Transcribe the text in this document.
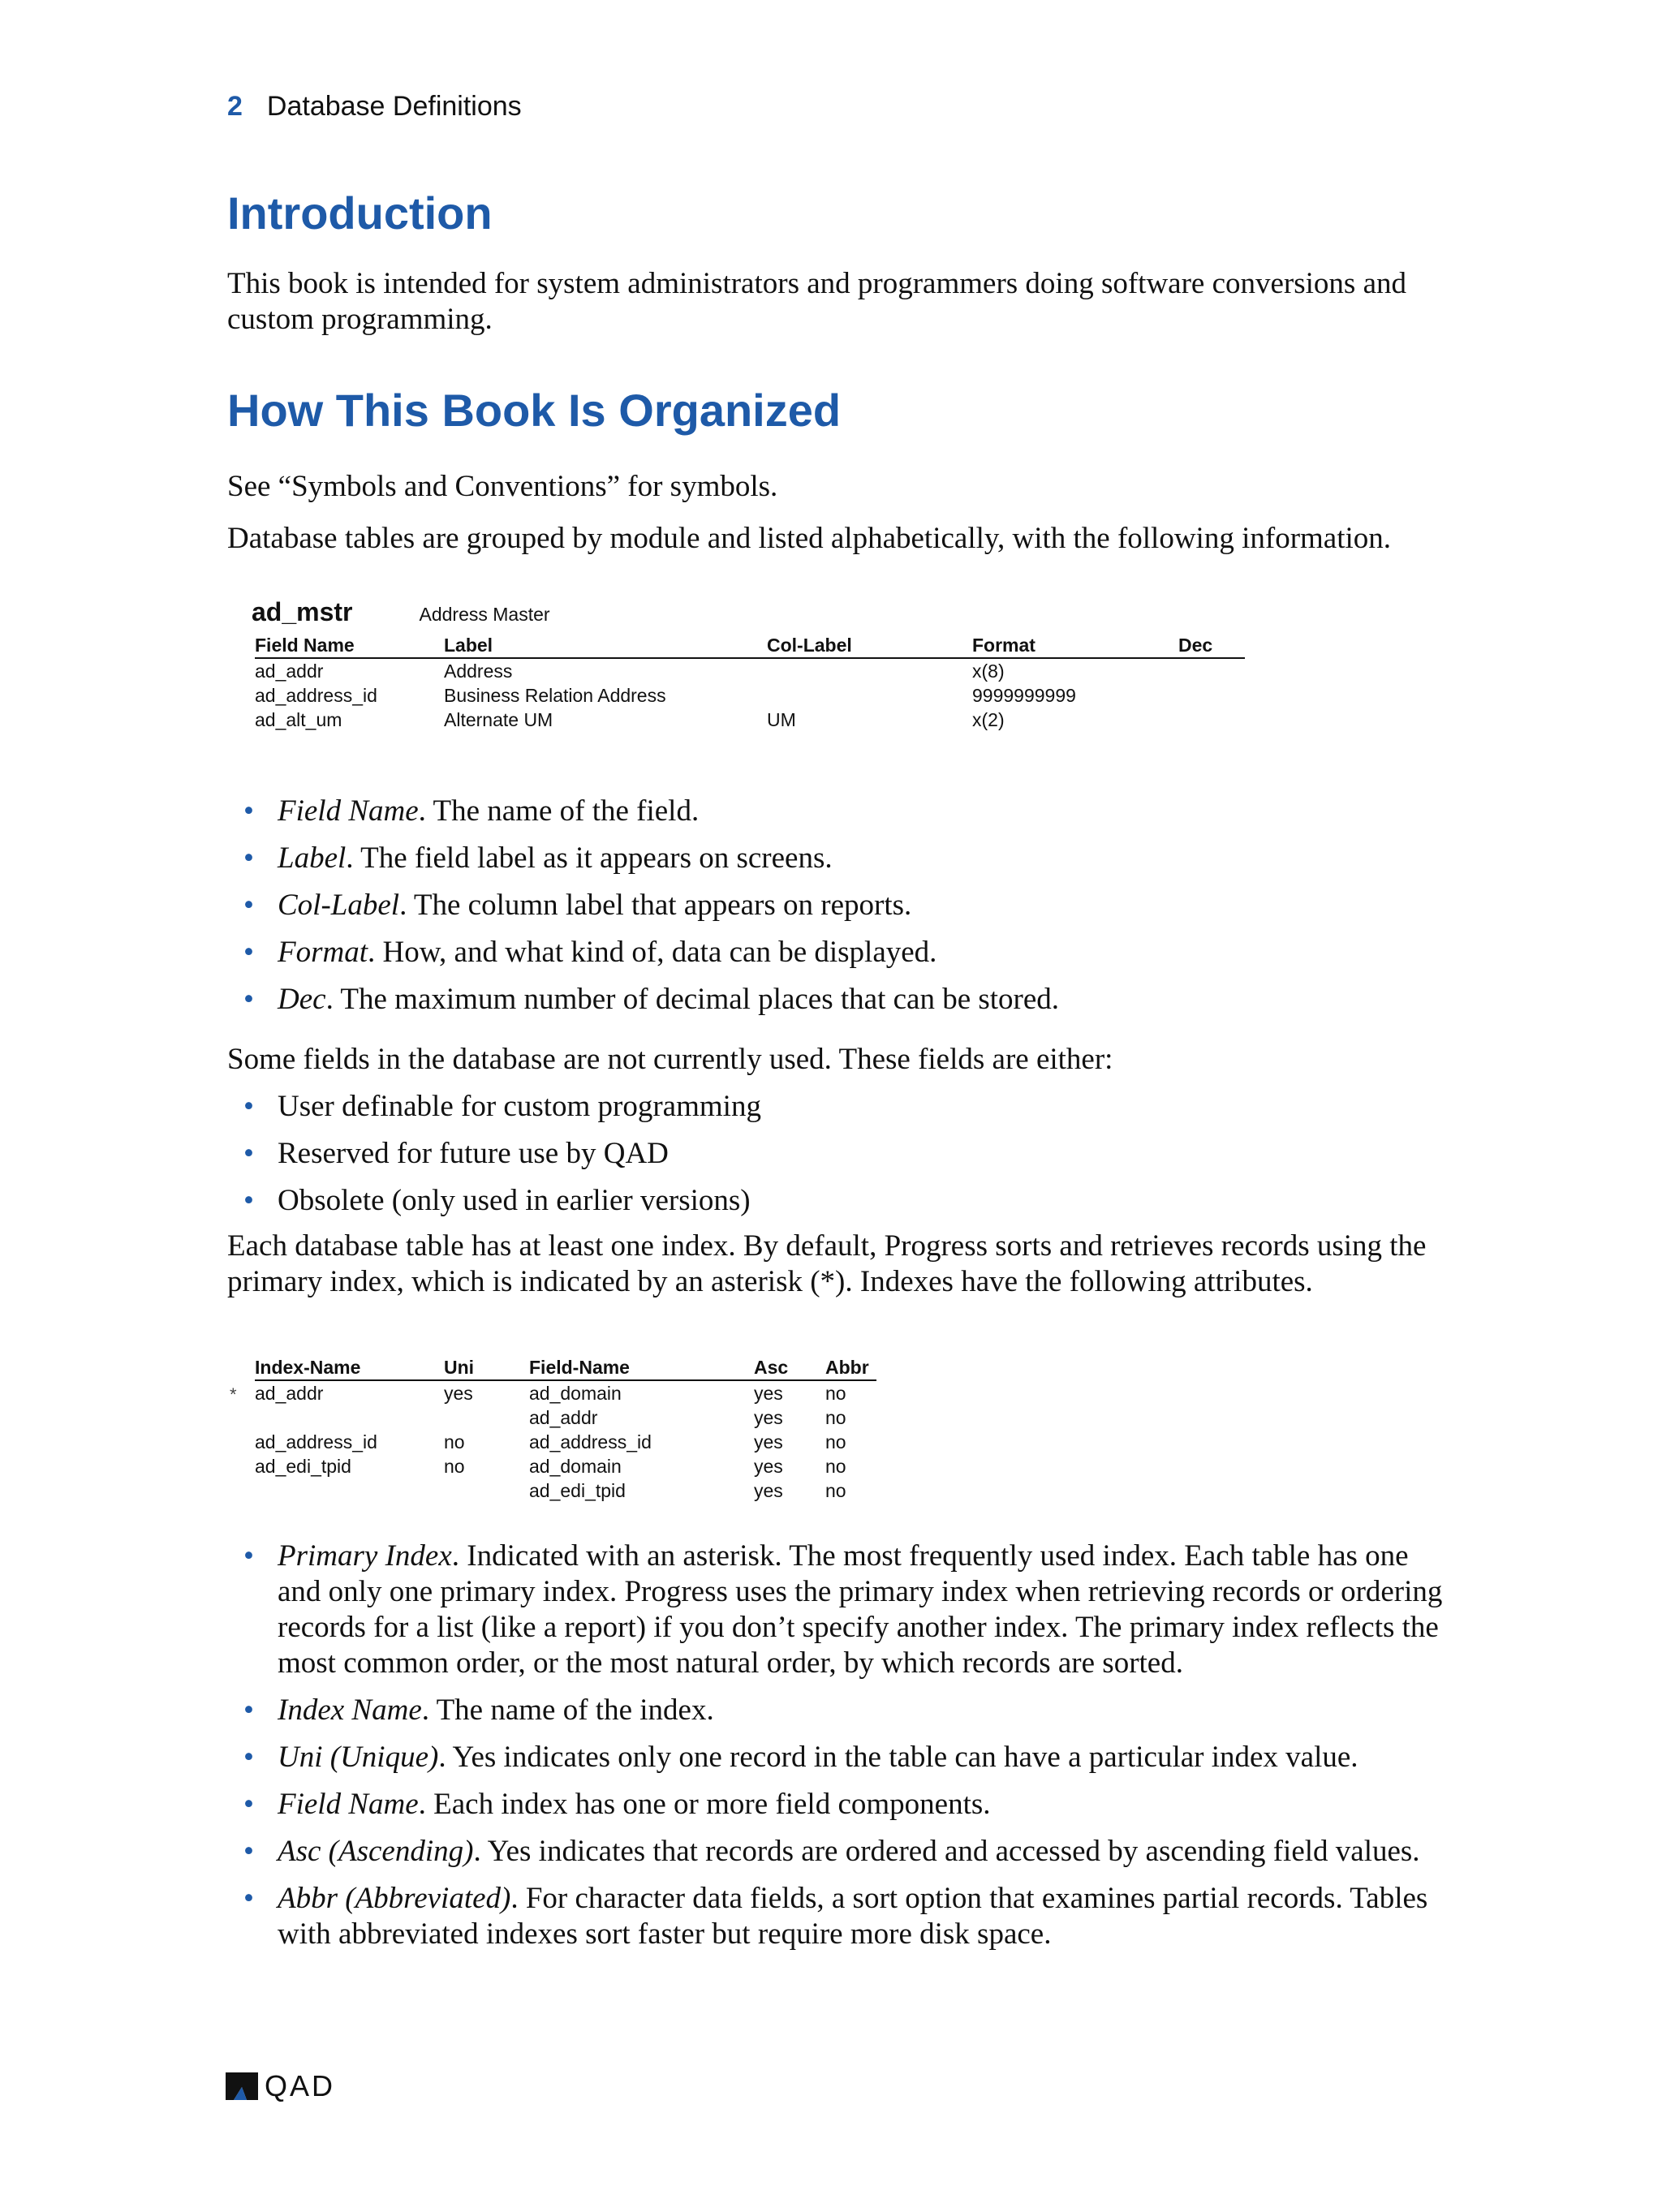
2 Database Definitions
Introduction

This book is intended for system administrators and programmers doing software conversions and custom programming.

How This Book Is Organized

See “Symbols and Conventions” for symbols.

Database tables are grouped by module and listed alphabetically, with the following information.

ad_mstr	Address Master
Field Name	Label	Col-Label	Format	Dec
ad_addr	Address		x(8)	
ad_address_id	Business Relation Address		9999999999	
ad_alt_um	Alternate UM	UM	x(2)	
• Field Name. The name of the field.
• Label. The field label as it appears on screens.
• Col-Label. The column label that appears on reports.
• Format. How, and what kind of, data can be displayed.
• Dec. The maximum number of decimal places that can be stored.

Some fields in the database are not currently used. These fields are either:

• User definable for custom programming
• Reserved for future use by QAD
• Obsolete (only used in earlier versions)

Each database table has at least one index. By default, Progress sorts and retrieves records using the primary index, which is indicated by an asterisk (*). Indexes have the following attributes.

*
Index-Name	Uni	Field-Name	Asc	Abbr
ad_addr	yes	ad_domain	yes	no
		ad_addr	yes	no
ad_address_id	no	ad_address_id	yes	no
ad_edi_tpid	no	ad_domain	yes	no
		ad_edi_tpid	yes	no
• Primary Index. Indicated with an asterisk. The most frequently used index. Each table has one and only one primary index. Progress uses the primary index when retrieving records or ordering records for a list (like a report) if you don’t specify another index. The primary index reflects the most common order, or the most natural order, by which records are sorted.
• Index Name. The name of the index.
• Uni (Unique). Yes indicates only one record in the table can have a particular index value.
• Field Name. Each index has one or more field components.
• Asc (Ascending). Yes indicates that records are ordered and accessed by ascending field values.
• Abbr (Abbreviated). For character data fields, a sort option that examines partial records. Tables with abbreviated indexes sort faster but require more disk space.
QAD
